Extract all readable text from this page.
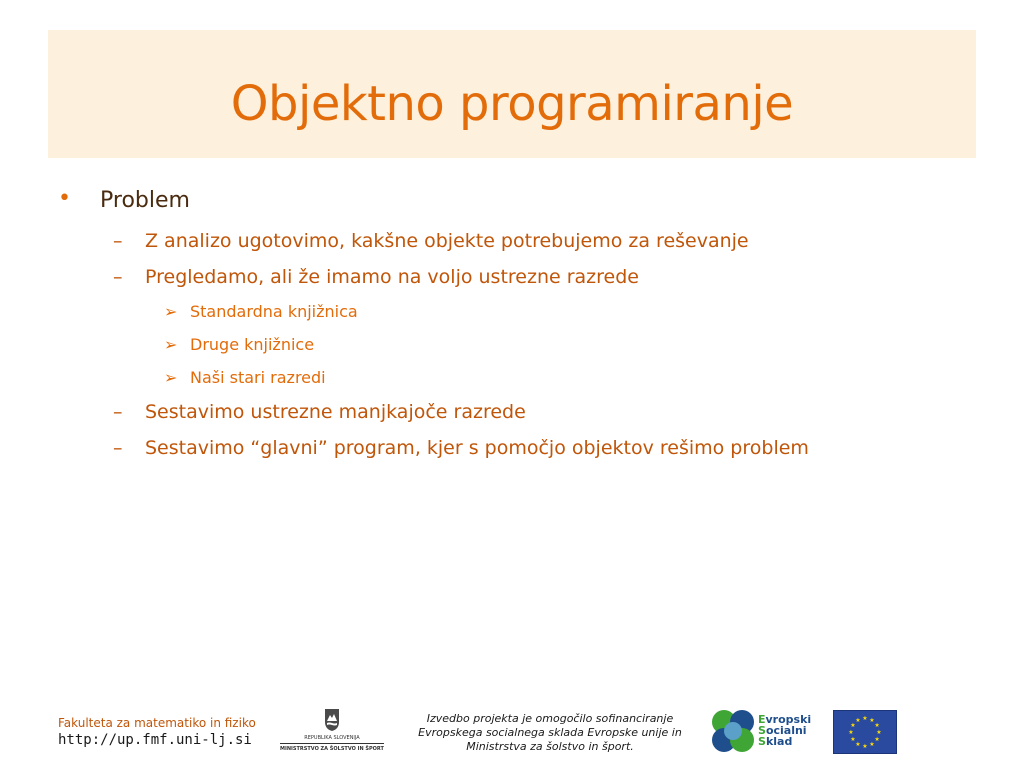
Objektno programiranje
• Problem
– Z analizo ugotovimo, kakšne objekte potrebujemo za reševanje
– Pregledamo, ali že imamo na voljo ustrezne razrede
➢ Standardna knjižnica
➢ Druge knjižnice
➢ Naši stari razredi
– Sestavimo ustrezne manjkajoče razrede
– Sestavimo “glavni” program, kjer s pomočjo objektov rešimo problem
Fakulteta za matematiko in fiziko
http://up.fmf.uni-lj.si	REPUBLIKA SLOVENIJA
MINISTRSTVO ZA ŠOLSTVO IN ŠPORT
Izvedbo projekta je omogočilo sofinanciranje
Evropskega socialnega sklada Evropske unije in
Ministrstva za šolstvo in šport.
Evropski
Socialni
Sklad
★
★
★
★
★
★
★
★
★ ★ ★
★
